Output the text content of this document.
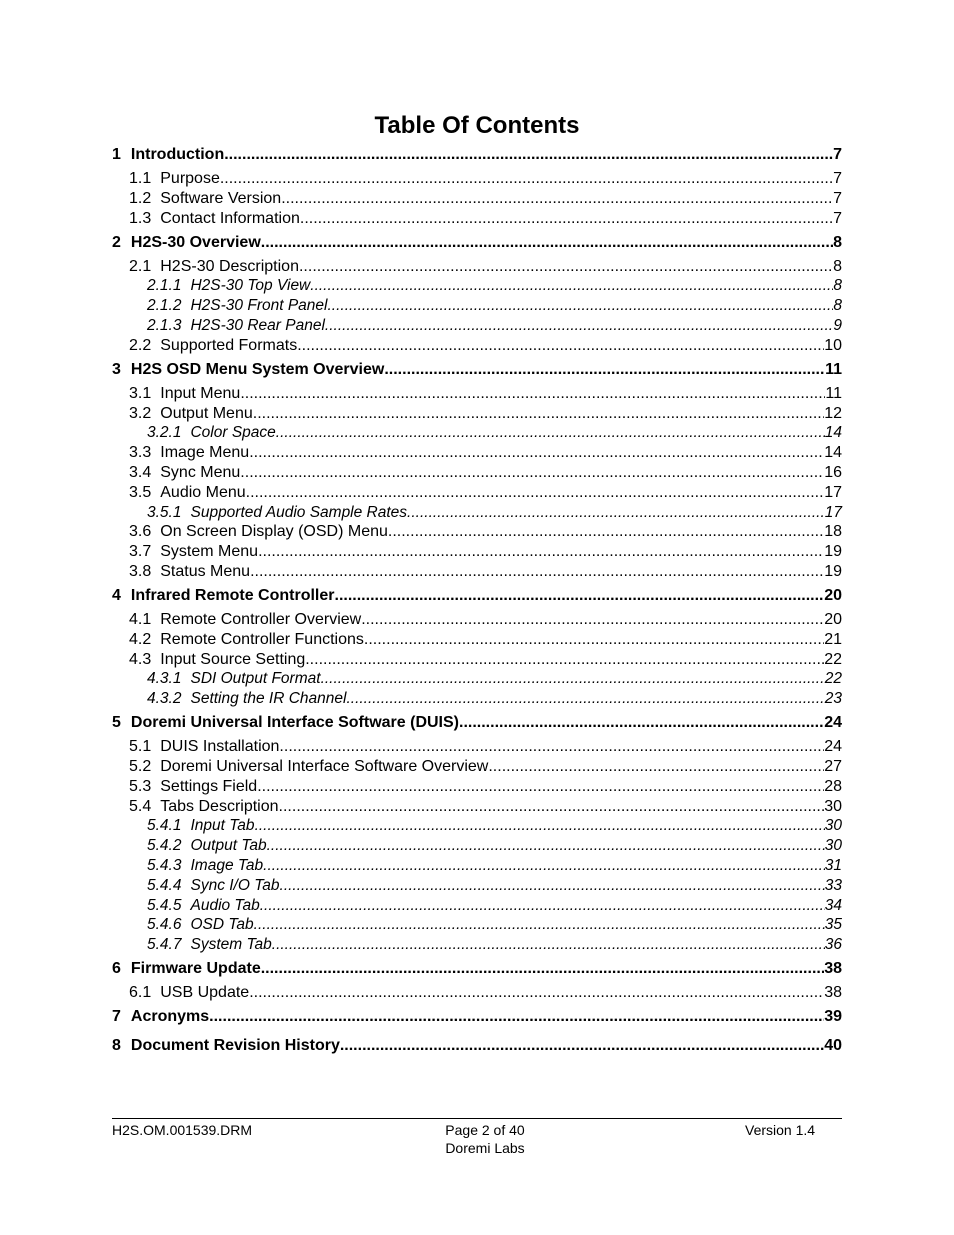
Table Of Contents
1 Introduction .....	7
1.1 Purpose .....	7
1.2 Software Version .....	7
1.3 Contact Information .....	7
2 H2S-30 Overview .....	8
2.1 H2S-30 Description .....	8
2.1.1 H2S-30 Top View .....	8
2.1.2 H2S-30 Front Panel .....	8
2.1.3 H2S-30 Rear Panel .....	9
2.2 Supported Formats .....	10
3 H2S OSD Menu System Overview .....	11
3.1 Input Menu .....	11
3.2 Output Menu .....	12
3.2.1 Color Space .....	14
3.3 Image Menu .....	14
3.4 Sync Menu .....	16
3.5 Audio Menu .....	17
3.5.1 Supported Audio Sample Rates .....	17
3.6 On Screen Display (OSD) Menu .....	18
3.7 System Menu .....	19
3.8 Status Menu .....	19
4 Infrared Remote Controller .....	20
4.1 Remote Controller Overview .....	20
4.2 Remote Controller Functions .....	21
4.3 Input Source Setting .....	22
4.3.1 SDI Output Format .....	22
4.3.2 Setting the IR Channel .....	23
5 Doremi Universal Interface Software (DUIS) .....	24
5.1 DUIS Installation .....	24
5.2 Doremi Universal Interface Software Overview .....	27
5.3 Settings Field .....	28
5.4 Tabs Description .....	30
5.4.1 Input Tab .....	30
5.4.2 Output Tab .....	30
5.4.3 Image Tab .....	31
5.4.4 Sync I/O Tab .....	33
5.4.5 Audio Tab .....	34
5.4.6 OSD Tab .....	35
5.4.7 System Tab .....	36
6 Firmware Update .....	38
6.1 USB Update .....	38
7 Acronyms .....	39
8 Document Revision History .....	40
H2S.OM.001539.DRM	Page 2 of 40
Doremi Labs
Version 1.4
